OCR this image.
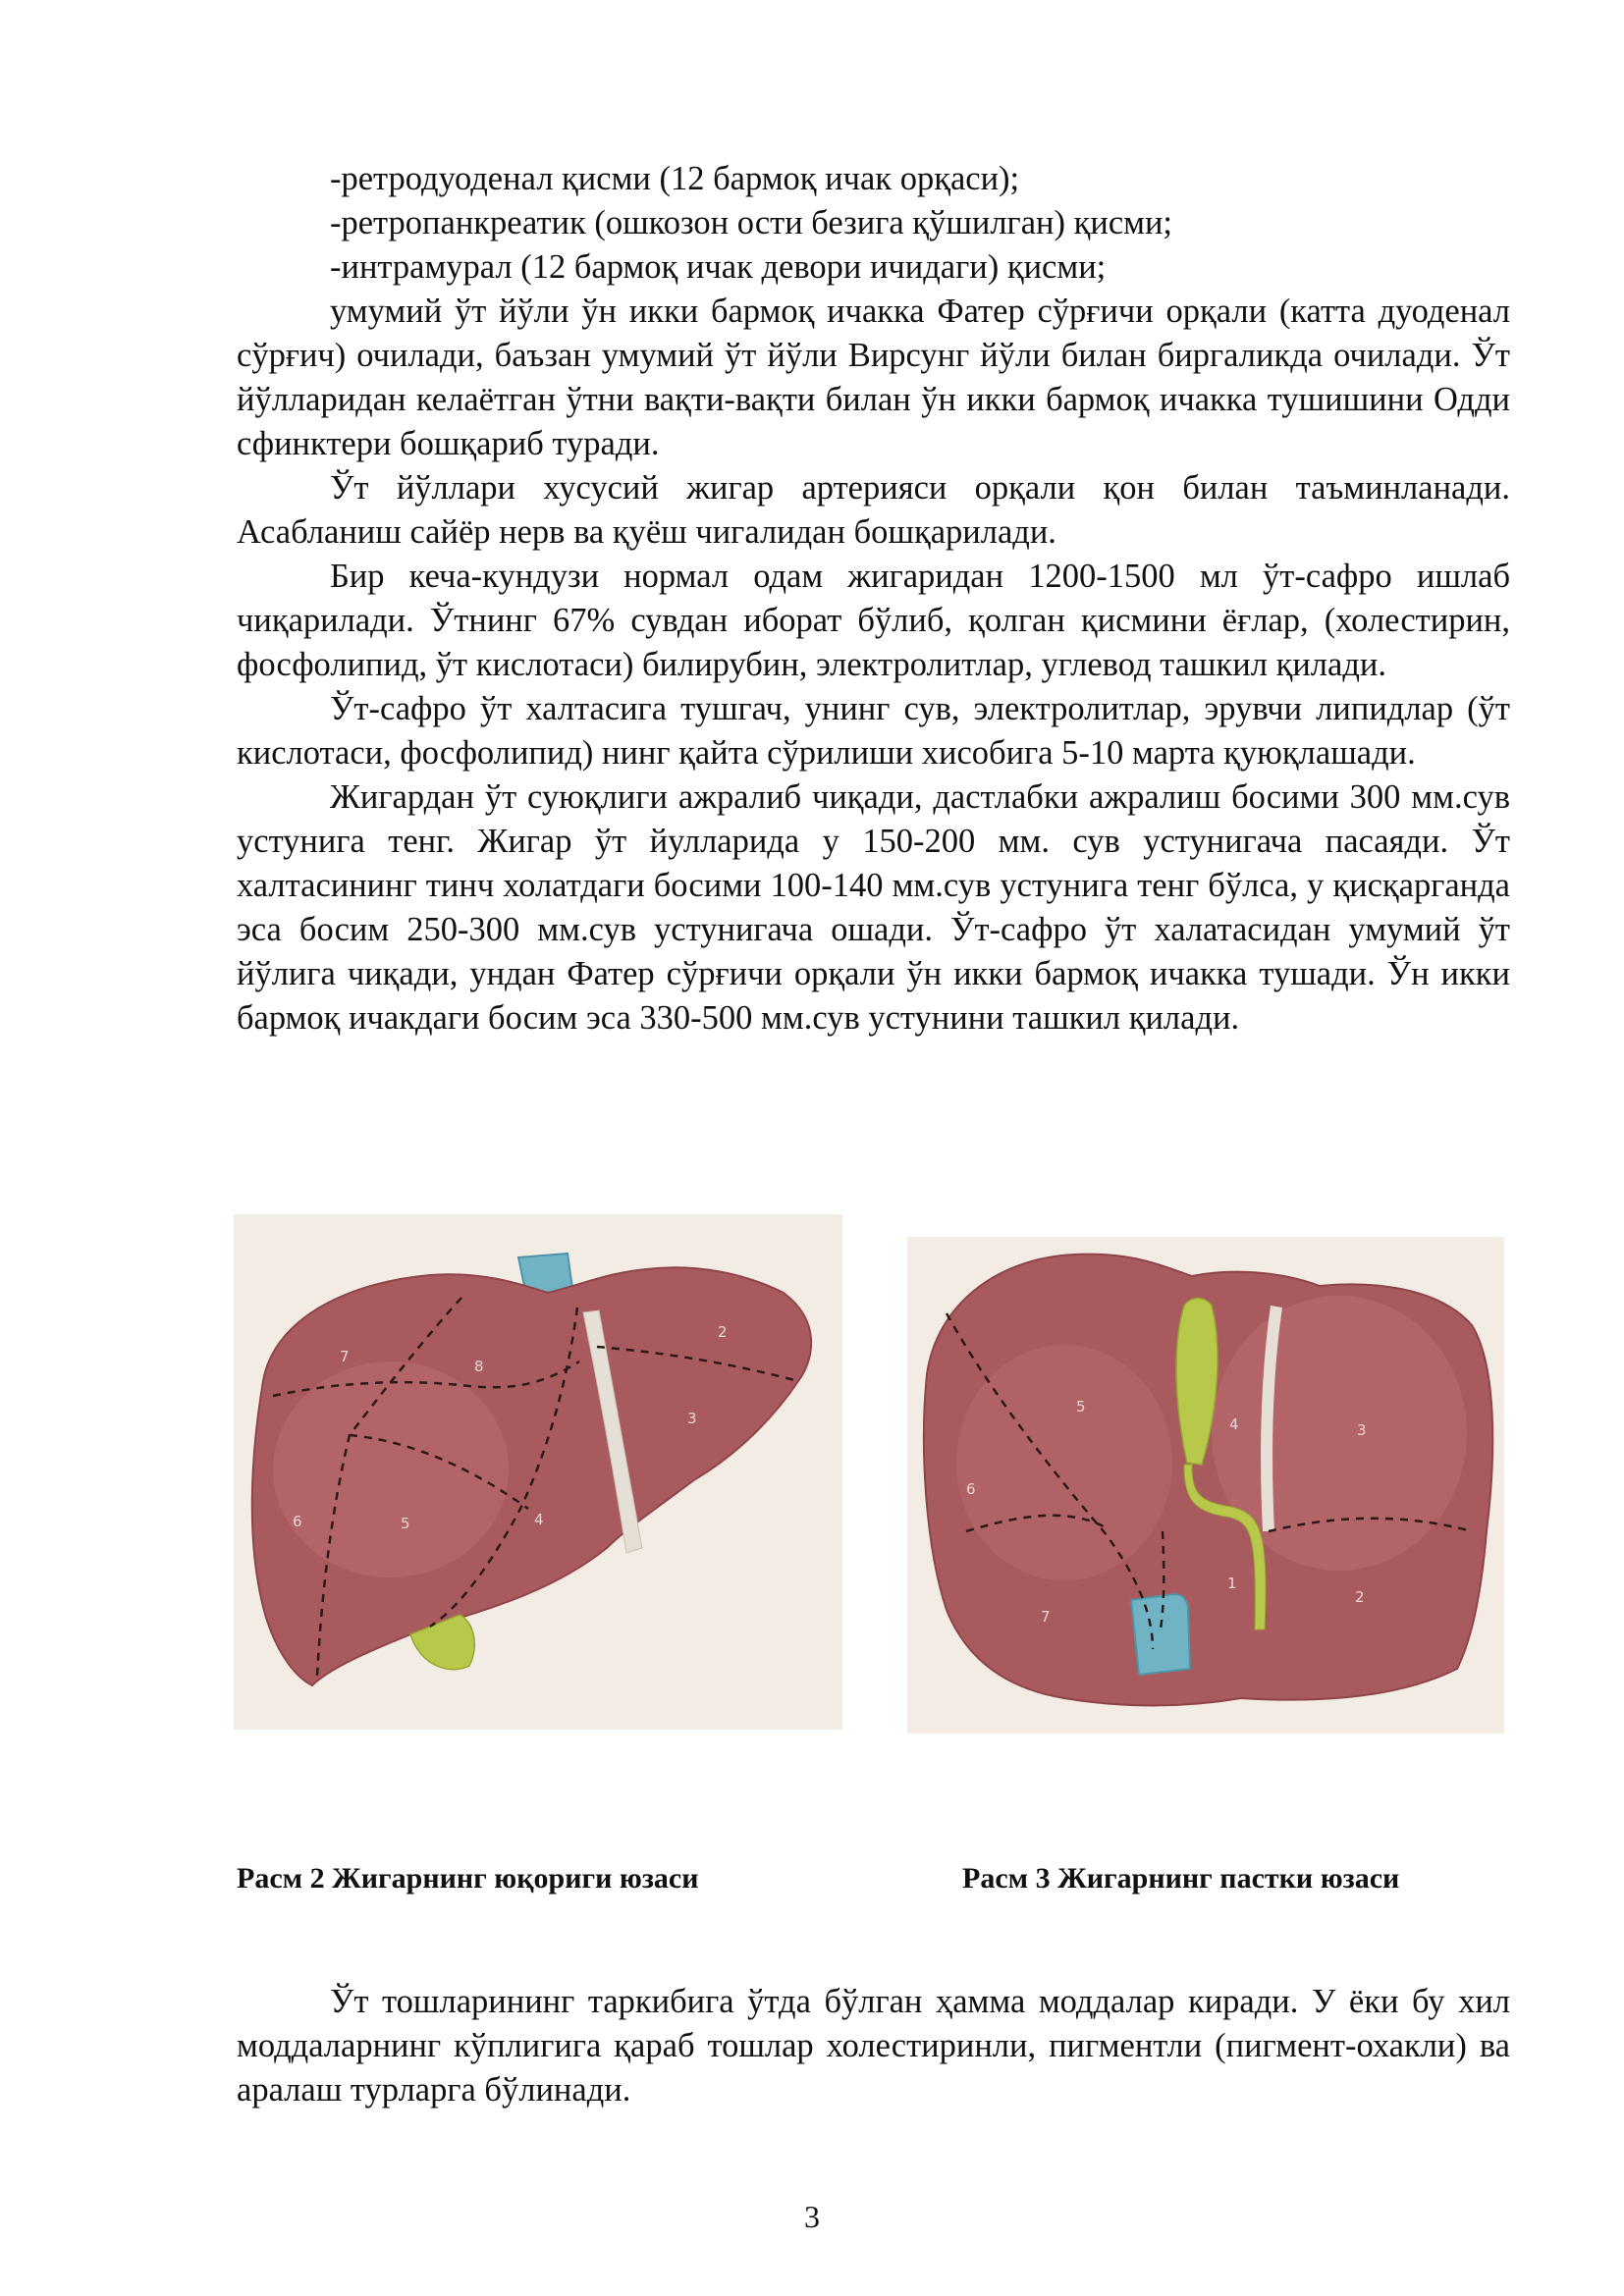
-ретродуоденал қисми (12 бармоқ ичак орқаси);

-ретропанкреатик (ошкозон ости безига қўшилган) қисми;

-интрамурал (12 бармоқ ичак девори ичидаги) қисми;

умумий ўт йўли ўн икки бармоқ ичакка Фатер сўрғичи орқали (катта дуоденал сўрғич) очилади, баъзан умумий ўт йўли Вирсунг йўли билан биргаликда очилади. Ўт йўлларидан келаётган ўтни вақти-вақти билан ўн икки бармоқ ичакка тушишини Одди сфинктери бошқариб туради.

Ўт йўллари хусусий жигар артерияси орқали қон билан таъминланади. Асабланиш сайёр нерв ва қуёш чигалидан бошқарилади.

Бир кеча-кундузи нормал одам жигаридан 1200-1500 мл ўт-сафро ишлаб чиқарилади. Ўтнинг 67% сувдан иборат бўлиб, қолган қисмини ёғлар, (холестирин, фосфолипид, ўт кислотаси) билирубин, электролитлар, углевод ташкил қилади.

Ўт-сафро ўт халтасига тушгач, унинг сув, электролитлар, эрувчи липидлар (ўт кислотаси, фосфолипид) нинг қайта сўрилиши хисобига 5-10 марта қуюқлашади.

Жигардан ўт суюқлиги ажралиб чиқади, дастлабки ажралиш босими 300 мм.сув устунига тенг. Жигар ўт йулларида у 150-200 мм. сув устунигача пасаяди. Ўт халтасининг тинч холатдаги босими 100-140 мм.сув устунига тенг бўлса, у қисқарганда эса босим 250-300 мм.сув устунигача ошади. Ўт-сафро ўт халатасидан умумий ўт йўлига чиқади, ундан Фатер сўрғичи орқали ўн икки бармоқ ичакка тушади. Ўн икки бармоқ ичакдаги босим эса 330-500 мм.сув устунини ташкил қилади.

7
8
2
3
6	5	4
5
4	3
6
7
1
2
Расм 2 Жигарнинг юқориги юзаси	Расм 3 Жигарнинг пастки юзаси

Ўт тошларининг таркибига ўтда бўлган ҳамма моддалар киради. У ёки бу хил моддаларнинг кўплигига қараб тошлар холестиринли, пигментли (пигмент-охакли) ва аралаш турларга бўлинади.

3
